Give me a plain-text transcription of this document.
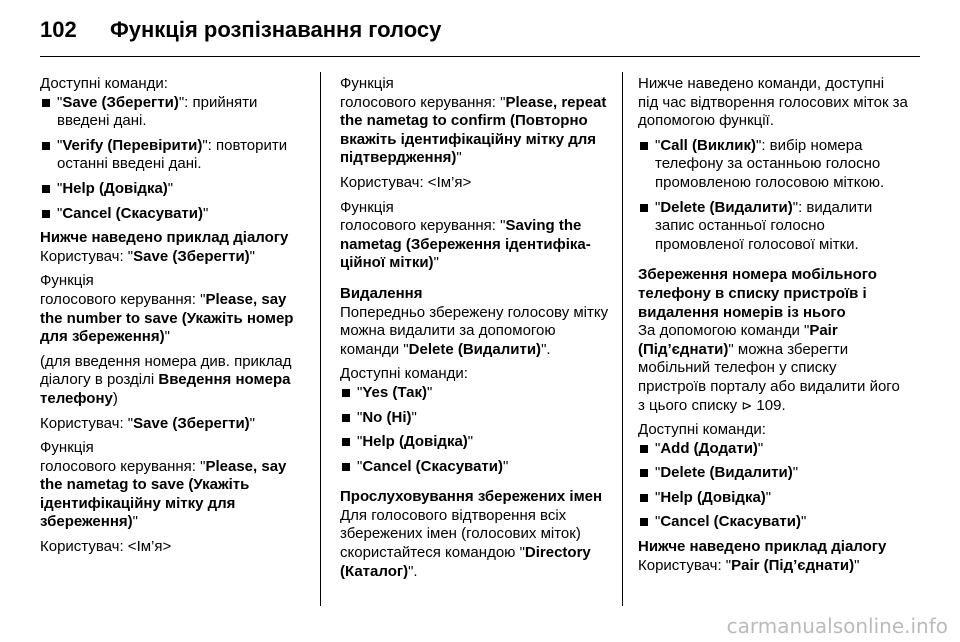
102 Функція розпізнавання голосу

Доступні команди:

"Save (Зберегти)": прийняти введені дані.
"Verify (Перевірити)": повторити останні введені дані.
"Help (Довідка)"
"Cancel (Скасувати)"

Нижче наведено приклад діалогу

Користувач: "Save (Зберегти)"

Функція
голосового керування: "Please, say the number to save (Укажіть номер для збереження)"

(для введення номера див. приклад діалогу в розділі Введення номера телефону)

Користувач: "Save (Зберегти)"

Функція
голосового керування: "Please, say the nametag to save (Укажіть ідентифікаційну мітку для збереження)"

Користувач: <Ім’я>

Функція
голосового керування: "Please, repeat the nametag to confirm (Повторно вкажіть ідентифікаційну мітку для підтвердження)"

Користувач: <Ім’я>

Функція
голосового керування: "Saving the nametag (Збереження ідентифіка-ційної мітки)"

Видалення

Попередньо збережену голосову мітку можна видалити за допомогою команди "Delete (Видалити)".

Доступні команди:

"Yes (Так)"
"No (Ні)"
"Help (Довідка)"
"Cancel (Скасувати)"

Прослуховування збережених імен

Для голосового відтворення всіх збережених імен (голосових міток) скористайтеся командою "Directory (Каталог)".

Нижче наведено команди, доступні під час відтворення голосових міток за допомогою функції.

"Call (Виклик)": вибір номера телефону за останньою голосно промовленою голосовою міткою.
"Delete (Видалити)": видалити запис останньої голосно промовленої голосової мітки.

Збереження номера мобільного телефону в списку пристроїв і видалення номерів із нього

За допомогою команди "Pair (Під’єднати)" можна зберегти мобільний телефон у списку пристроїв порталу або видалити його з цього списку ⊳ 109.

Доступні команди:

"Add (Додати)"
"Delete (Видалити)"
"Help (Довідка)"
"Cancel (Скасувати)"

Нижче наведено приклад діалогу

Користувач: "Pair (Під’єднати)"

carmanualsonline.info
